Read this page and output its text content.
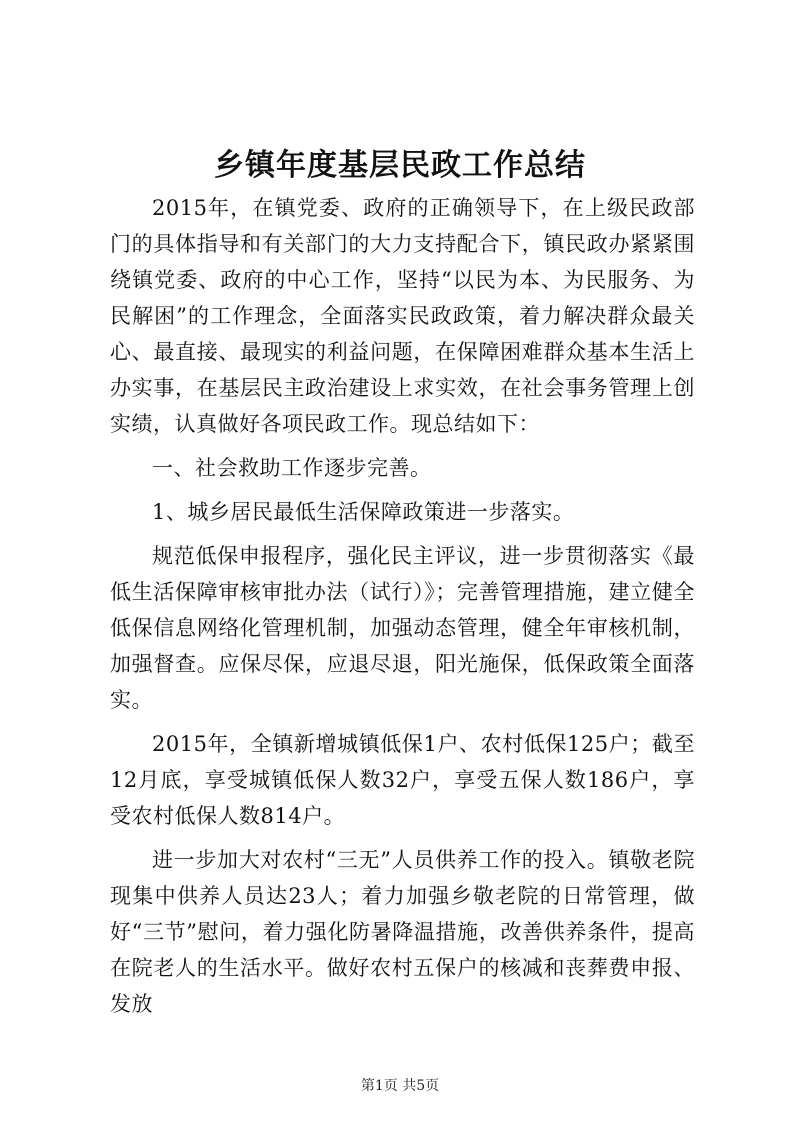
乡镇年度基层民政工作总结

2015年，在镇党委、政府的正确领导下，在上级民政部门的具体指导和有关部门的大力支持配合下，镇民政办紧紧围绕镇党委、政府的中心工作，坚持“以民为本、为民服务、为民解困”的工作理念，全面落实民政政策，着力解决群众最关心、最直接、最现实的利益问题，在保障困难群众基本生活上办实事，在基层民主政治建设上求实效，在社会事务管理上创实绩，认真做好各项民政工作。现总结如下：

一、社会救助工作逐步完善。

1、城乡居民最低生活保障政策进一步落实。

规范低保申报程序，强化民主评议，进一步贯彻落实《最低生活保障审核审批办法（试行）》；完善管理措施，建立健全低保信息网络化管理机制，加强动态管理，健全年审核机制，加强督查。应保尽保，应退尽退，阳光施保，低保政策全面落实。

2015年，全镇新增城镇低保1户、农村低保125户；截至12月底，享受城镇低保人数32户，享受五保人数186户，享受农村低保人数814户。

进一步加大对农村“三无”人员供养工作的投入。镇敬老院现集中供养人员达23人；着力加强乡敬老院的日常管理，做好“三节”慰问，着力强化防暑降温措施，改善供养条件，提高在院老人的生活水平。做好农村五保户的核减和丧葬费申报、发放

第1页 共5页
